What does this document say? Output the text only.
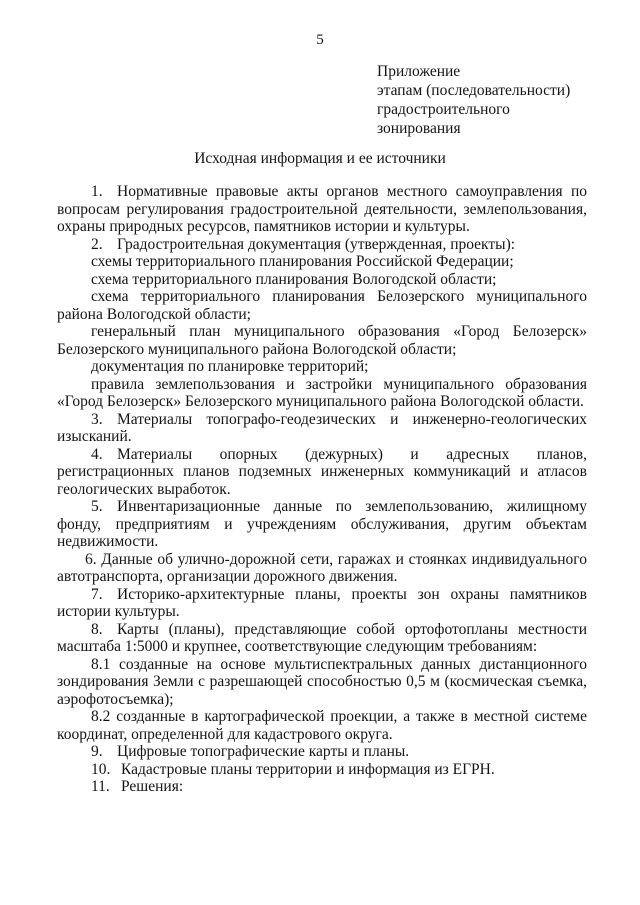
5
Приложение
этапам (последовательности)
градостроительного
зонирования
Исходная информация и ее источники

1. Нормативные правовые акты органов местного самоуправления по вопросам регулирования градостроительной деятельности, землепользования, охраны природных ресурсов, памятников истории и культуры.

2. Градостроительная документация (утвержденная, проекты):

схемы территориального планирования Российской Федерации;

схема территориального планирования Вологодской области;

схема территориального планирования Белозерского муниципального района Вологодской области;

генеральный план муниципального образования «Город Белозерск» Белозерского муниципального района Вологодской области;

документация по планировке территорий;

правила землепользования и застройки муниципального образования «Город Белозерск» Белозерского муниципального района Вологодской области.

3. Материалы топографо-геодезических и инженерно-геологических изысканий.

4. Материалы опорных (дежурных) и адресных планов, регистрационных планов подземных инженерных коммуникаций и атласов геологических выработок.

5. Инвентаризационные данные по землепользованию, жилищному фонду, предприятиям и учреждениям обслуживания, другим объектам недвижимости.

6. Данные об улично-дорожной сети, гаражах и стоянках индивидуального автотранспорта, организации дорожного движения.

7. Историко-архитектурные планы, проекты зон охраны памятников истории культуры.

8. Карты (планы), представляющие собой ортофотопланы местности масштаба 1:5000 и крупнее, соответствующие следующим требованиям:

8.1 созданные на основе мультиспектральных данных дистанционного зондирования Земли с разрешающей способностью 0,5 м (космическая съемка, аэрофотосъемка);

8.2 созданные в картографической проекции, а также в местной системе координат, определенной для кадастрового округа.

9. Цифровые топографические карты и планы.

10. Кадастровые планы территории и информация из ЕГРН.

11. Решения:
